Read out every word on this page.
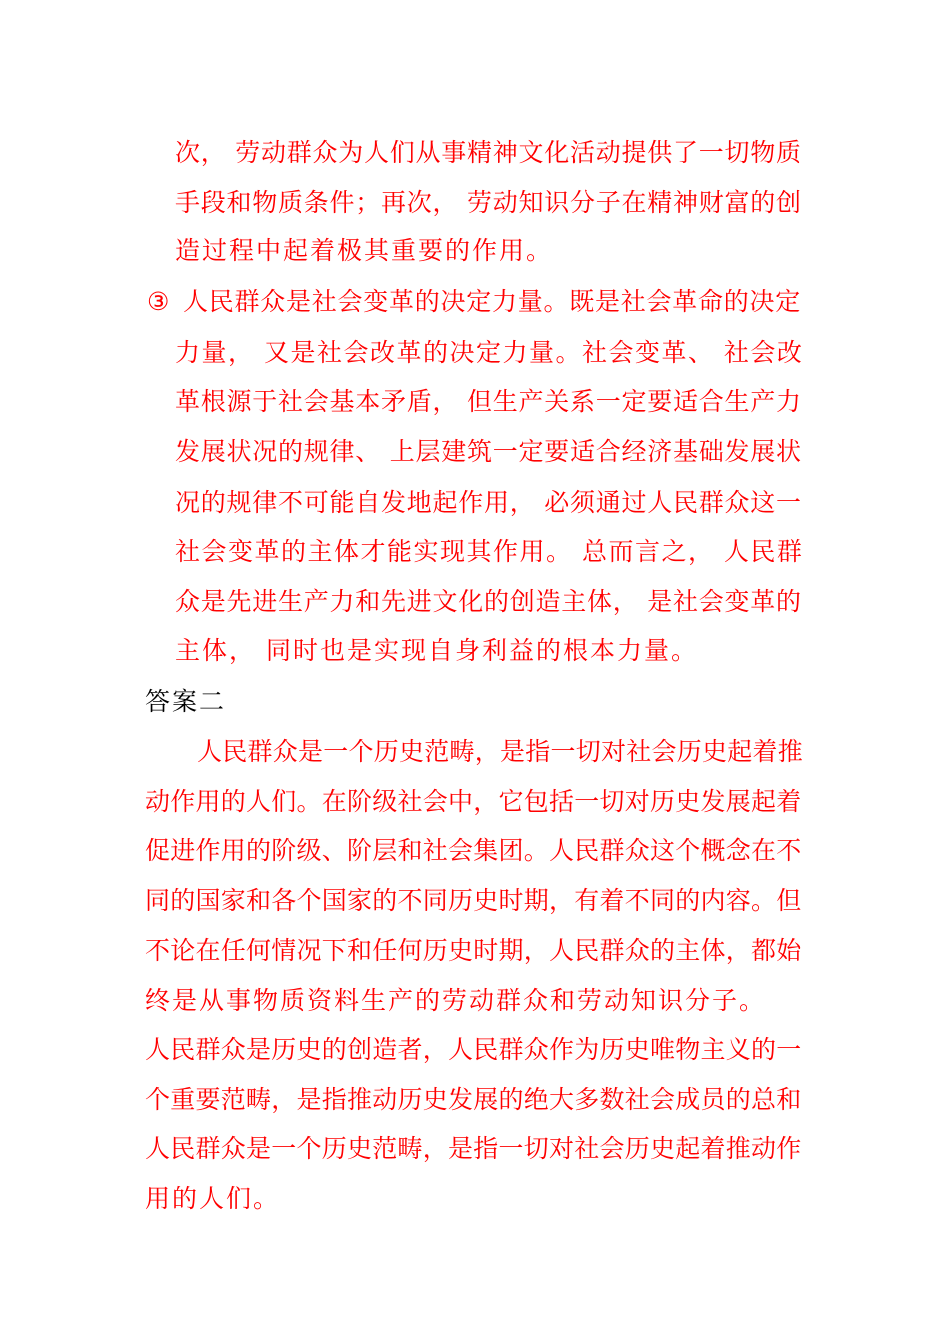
次， 劳动群众为人们从事精神文化活动提供了一切物质
手段和物质条件；再次， 劳动知识分子在精神财富的创
造过程中起着极其重要的作用。
③ 人民群众是社会变革的决定力量。既是社会革命的决定
力量， 又是社会改革的决定力量。社会变革、 社会改
革根源于社会基本矛盾， 但生产关系一定要适合生产力
发展状况的规律、 上层建筑一定要适合经济基础发展状
况的规律不可能自发地起作用， 必须通过人民群众这一
社会变革的主体才能实现其作用。 总而言之， 人民群
众是先进生产力和先进文化的创造主体， 是社会变革的
主体， 同时也是实现自身利益的根本力量。
答案二
人民群众是一个历史范畴，是指一切对社会历史起着推
动作用的人们。在阶级社会中，它包括一切对历史发展起着
促进作用的阶级、阶层和社会集团。人民群众这个概念在不
同的国家和各个国家的不同历史时期，有着不同的内容。但
不论在任何情况下和任何历史时期，人民群众的主体，都始
终是从事物质资料生产的劳动群众和劳动知识分子。
人民群众是历史的创造者，人民群众作为历史唯物主义的一
个重要范畴，是指推动历史发展的绝大多数社会成员的总和
人民群众是一个历史范畴，是指一切对社会历史起着推动作
用的人们。
